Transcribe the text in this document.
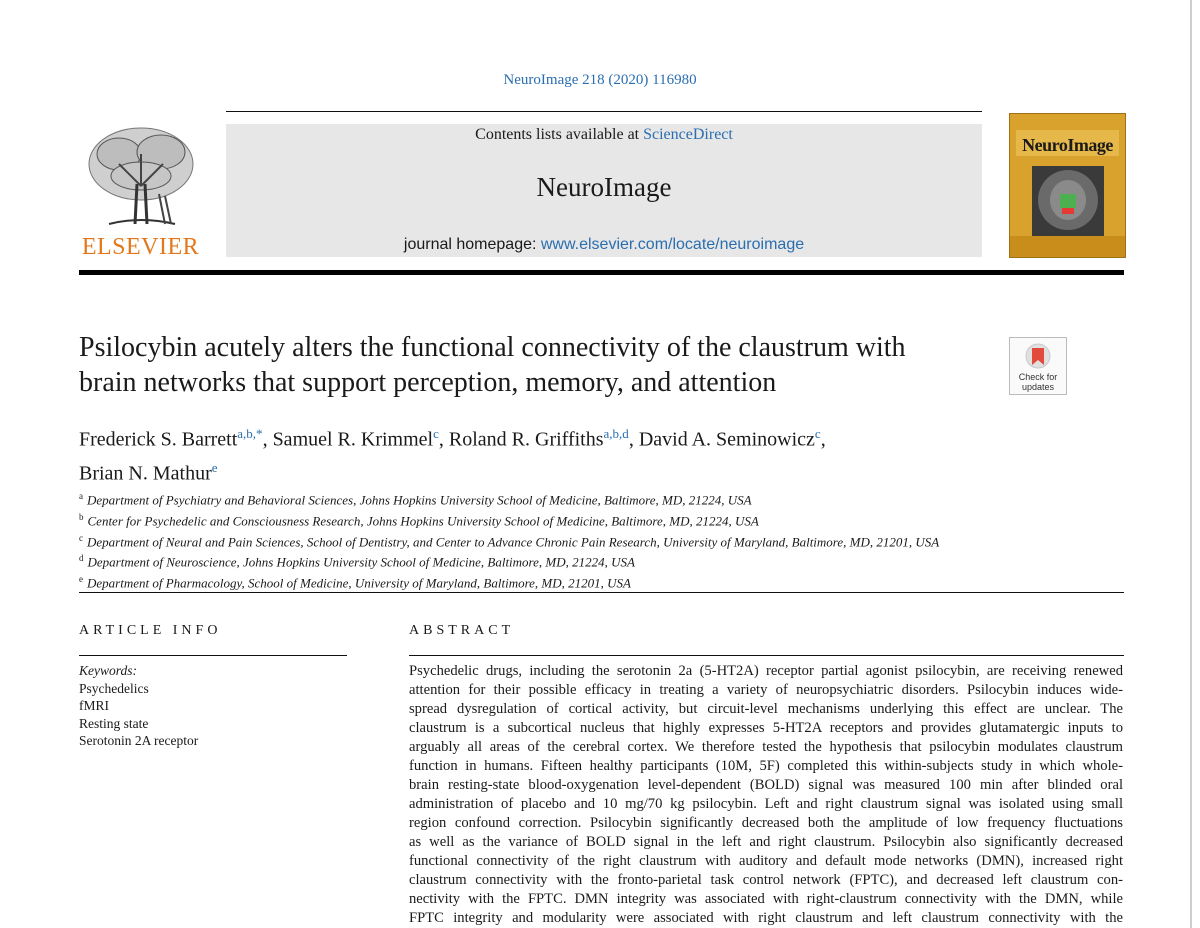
NeuroImage 218 (2020) 116980
ELSEVIER
Contents lists available at ScienceDirect
NeuroImage
journal homepage: www.elsevier.com/locate/neuroimage
NeuroImage
Psilocybin acutely alters the functional connectivity of the claustrum with
brain networks that support perception, memory, and attention	Check for
updates
Frederick S. Barrett$^{a,b,*}$, Samuel R. Krimmel$^c$, Roland R. Griffiths$^{a,b,d}$, David A. Seminowicz$^c$,
Brian N. Mathur$^e$
$^a$ Department of Psychiatry and Behavioral Sciences, Johns Hopkins University School of Medicine, Baltimore, MD, 21224, USA
$^b$ Center for Psychedelic and Consciousness Research, Johns Hopkins University School of Medicine, Baltimore, MD, 21224, USA
$^c$ Department of Neural and Pain Sciences, School of Dentistry, and Center to Advance Chronic Pain Research, University of Maryland, Baltimore, MD, 21201, USA
$^d$ Department of Neuroscience, Johns Hopkins University School of Medicine, Baltimore, MD, 21224, USA
$^e$ Department of Pharmacology, School of Medicine, University of Maryland, Baltimore, MD, 21201, USA
ARTICLE INFO	ABSTRACT
Keywords:
Psychedelics
fMRI
Resting state
Serotonin 2A receptor
Psychedelic drugs, including the serotonin 2a (5-HT2A) receptor partial agonist psilocybin, are receiving renewed
attention for their possible efficacy in treating a variety of neuropsychiatric disorders. Psilocybin induces wide-
spread dysregulation of cortical activity, but circuit-level mechanisms underlying this effect are unclear. The
claustrum is a subcortical nucleus that highly expresses 5-HT2A receptors and provides glutamatergic inputs to
arguably all areas of the cerebral cortex. We therefore tested the hypothesis that psilocybin modulates claustrum
function in humans. Fifteen healthy participants (10M, 5F) completed this within-subjects study in which whole-
brain resting-state blood-oxygenation level-dependent (BOLD) signal was measured 100 min after blinded oral
administration of placebo and 10 mg/70 kg psilocybin. Left and right claustrum signal was isolated using small
region confound correction. Psilocybin significantly decreased both the amplitude of low frequency fluctuations
as well as the variance of BOLD signal in the left and right claustrum. Psilocybin also significantly decreased
functional connectivity of the right claustrum with auditory and default mode networks (DMN), increased right
claustrum connectivity with the fronto-parietal task control network (FPTC), and decreased left claustrum con-
nectivity with the FPTC. DMN integrity was associated with right-claustrum connectivity with the DMN, while
FPTC integrity and modularity were associated with right claustrum and left claustrum connectivity with the
